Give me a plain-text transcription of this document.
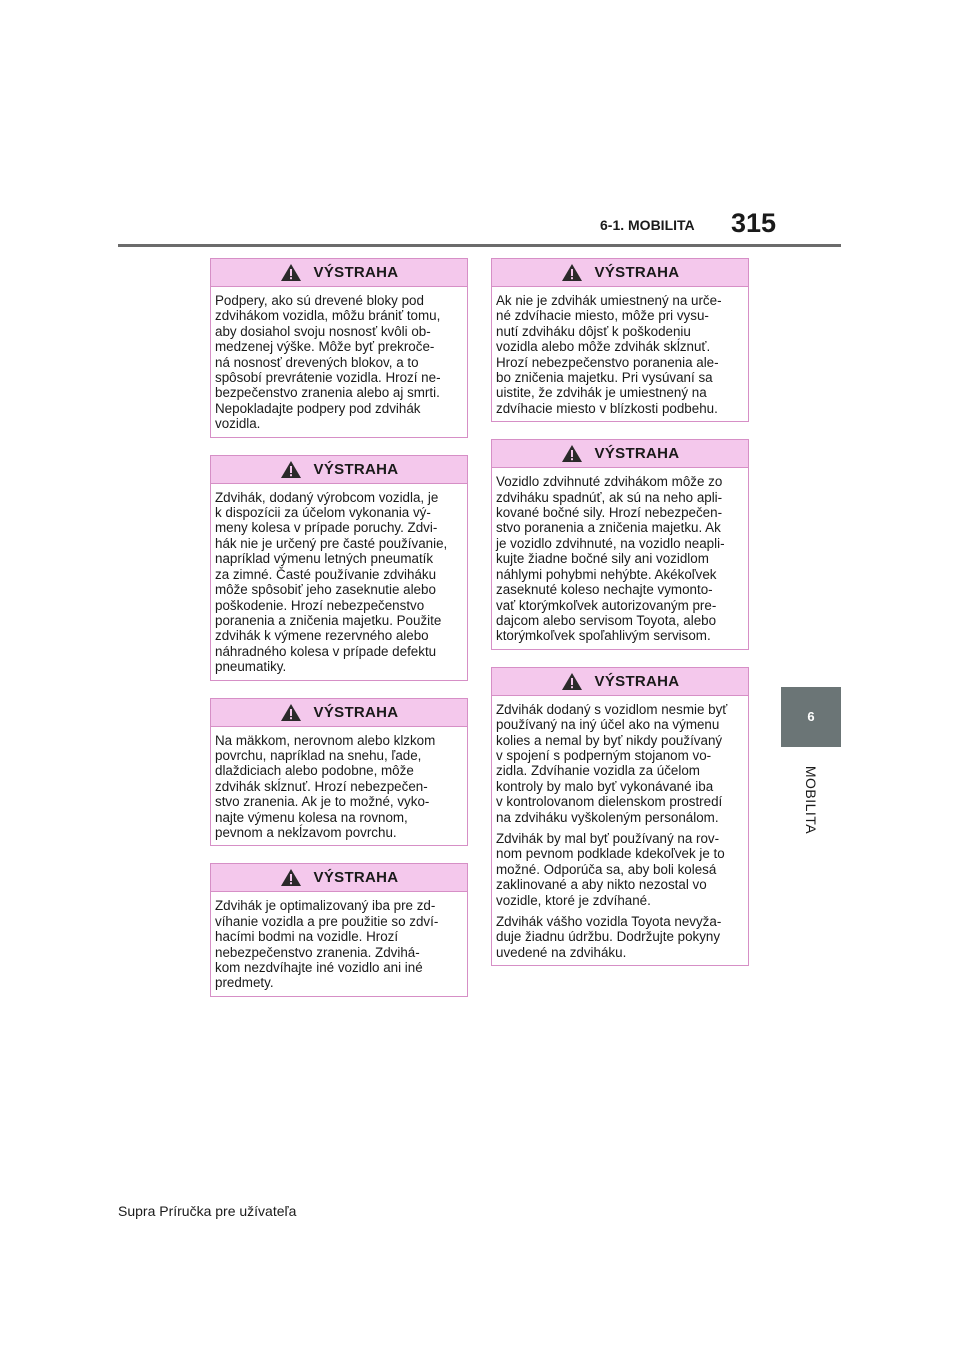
6-1. MOBILITA 315
6
MOBILITA
VÝSTRAHA

Podpery, ako sú drevené bloky pod
zdvihákom vozidla, môžu brániť tomu,
aby dosiahol svoju nosnosť kvôli ob-
medzenej výške. Môže byť prekroče-
ná nosnosť drevených blokov, a to
spôsobí prevrátenie vozidla. Hrozí ne-
bezpečenstvo zranenia alebo aj smrti.
Nepokladajte podpery pod zdvihák
vozidla.

VÝSTRAHA

Zdvihák, dodaný výrobcom vozidla, je
k dispozícii za účelom vykonania vý-
meny kolesa v prípade poruchy. Zdvi-
hák nie je určený pre časté používanie,
napríklad výmenu letných pneumatík
za zimné. Časté používanie zdviháku
môže spôsobiť jeho zaseknutie alebo
poškodenie. Hrozí nebezpečenstvo
poranenia a zničenia majetku. Použite
zdvihák k výmene rezervného alebo
náhradného kolesa v prípade defektu
pneumatiky.

VÝSTRAHA

Na mäkkom, nerovnom alebo klzkom
povrchu, napríklad na snehu, ľade,
dlaždiciach alebo podobne, môže
zdvihák skĺznuť. Hrozí nebezpečen-
stvo zranenia. Ak je to možné, vyko-
najte výmenu kolesa na rovnom,
pevnom a nekĺzavom povrchu.

VÝSTRAHA

Zdvihák je optimalizovaný iba pre zd-
víhanie vozidla a pre použitie so zdví-
hacími bodmi na vozidle. Hrozí
nebezpečenstvo zranenia. Zdvihá-
kom nezdvíhajte iné vozidlo ani iné
predmety.

VÝSTRAHA

Ak nie je zdvihák umiestnený na urče-
né zdvíhacie miesto, môže pri vysu-
nutí zdviháku dôjsť k poškodeniu
vozidla alebo môže zdvihák skĺznuť.
Hrozí nebezpečenstvo poranenia ale-
bo zničenia majetku. Pri vysúvaní sa
uistite, že zdvihák je umiestnený na
zdvíhacie miesto v blízkosti podbehu.

VÝSTRAHA

Vozidlo zdvihnuté zdvihákom môže zo
zdviháku spadnúť, ak sú na neho apli-
kované bočné sily. Hrozí nebezpečen-
stvo poranenia a zničenia majetku. Ak
je vozidlo zdvihnuté, na vozidlo neapli-
kujte žiadne bočné sily ani vozidlom
náhlymi pohybmi nehýbte. Akékoľvek
zaseknuté koleso nechajte vymonto-
vať ktorýmkoľvek autorizovaným pre-
dajcom alebo servisom Toyota, alebo
ktorýmkoľvek spoľahlivým servisom.

VÝSTRAHA

Zdvihák dodaný s vozidlom nesmie byť
používaný na iný účel ako na výmenu
kolies a nemal by byť nikdy používaný
v spojení s podperným stojanom vo-
zidla. Zdvíhanie vozidla za účelom
kontroly by malo byť vykonávané iba
v kontrolovanom dielenskom prostredí
na zdviháku vyškoleným personálom.

Zdvihák by mal byť používaný na rov-
nom pevnom podklade kdekoľvek je to
možné. Odporúča sa, aby boli kolesá
zaklinované a aby nikto nezostal vo
vozidle, ktoré je zdvíhané.

Zdvihák vášho vozidla Toyota nevyža-
duje žiadnu údržbu. Dodržujte pokyny
uvedené na zdviháku.

Supra Príručka pre užívateľa
